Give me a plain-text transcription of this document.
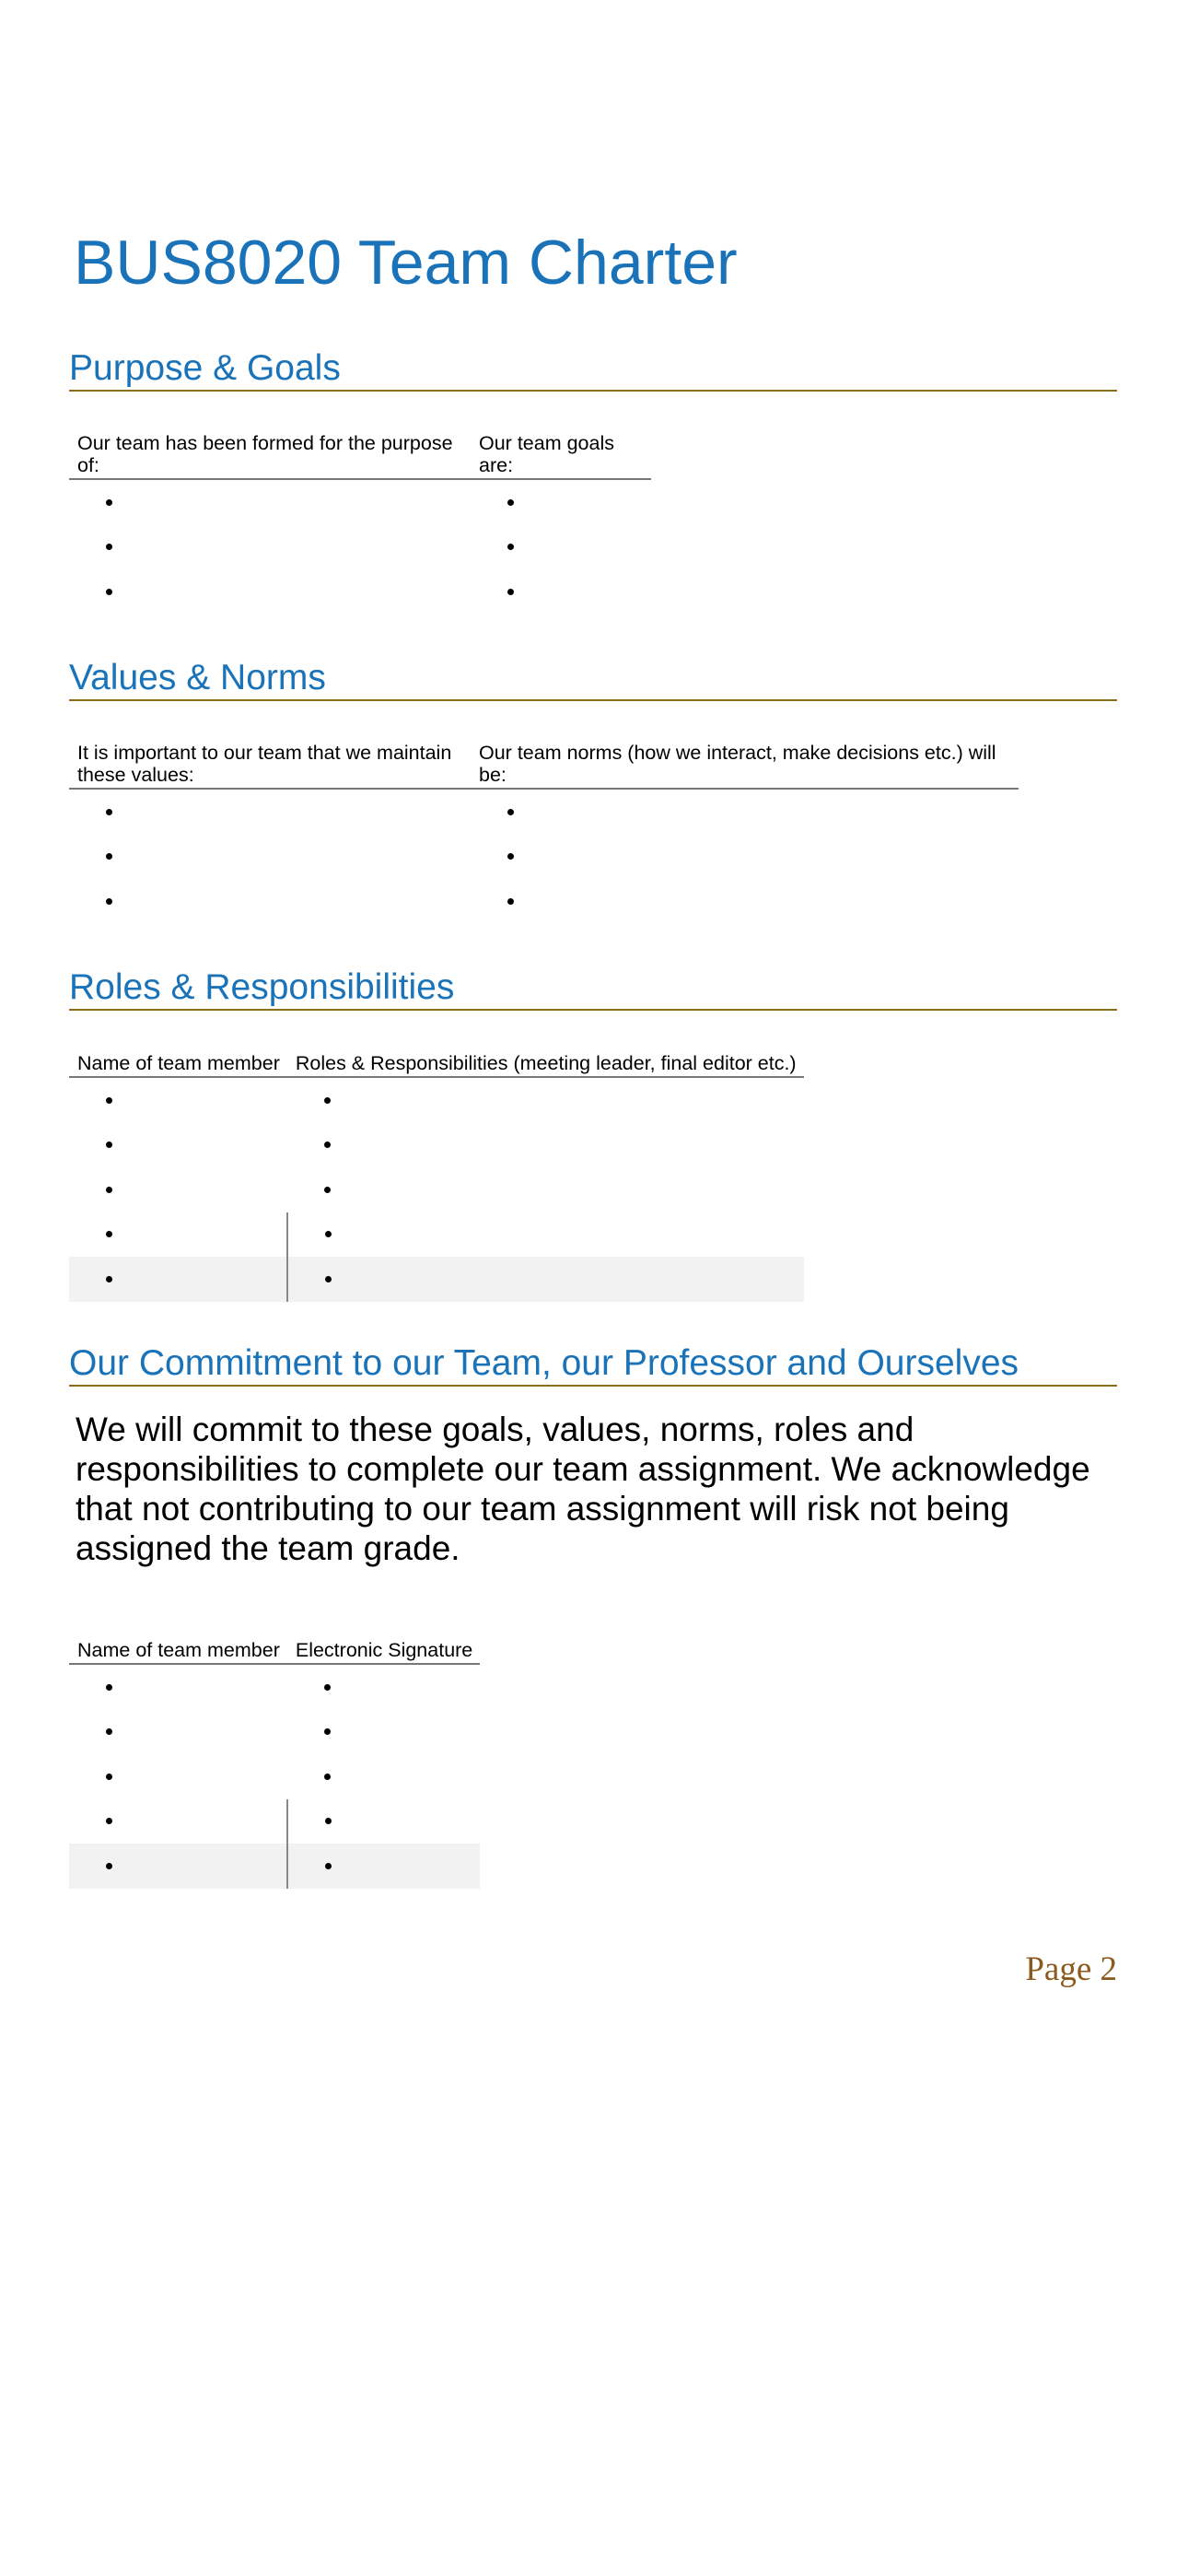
BUS8020 Team Charter
Purpose & Goals
Our team has been formed for the purpose of:	Our team goals are:

Values & Norms
It is important to our team that we maintain these values:	Our team norms (how we interact, make decisions etc.) will be:

Roles & Responsibilities
Name of team member	Roles & Responsibilities (meeting leader, final editor etc.)

Our Commitment to our Team, our Professor and Ourselves

We will commit to these goals, values, norms, roles and responsibilities to complete our team assignment. We acknowledge that not contributing to our team assignment will risk not being assigned the team grade.

Name of team member	Electronic Signature

Page 2
